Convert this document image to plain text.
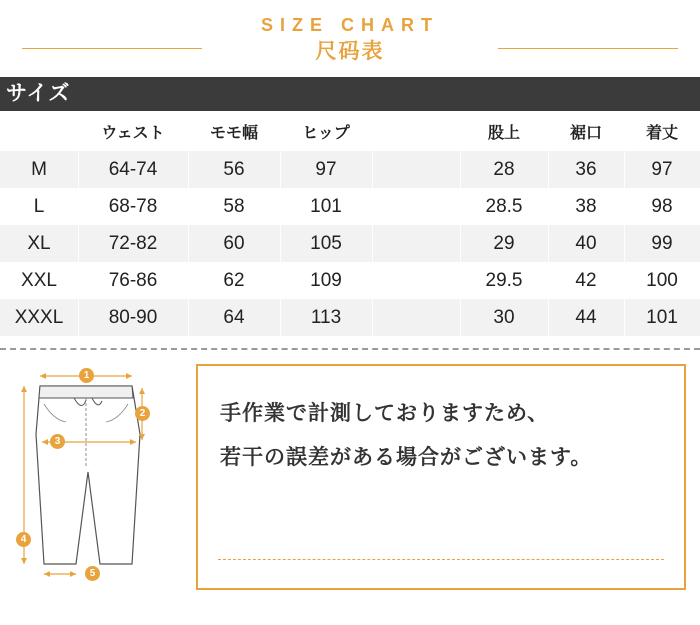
SIZE CHART
尺码表
サイズ
	ウェスト	モモ幅	ヒップ		股上	裾口	着丈
M	64-74	56	97		28	36	97
L	68-78	58	101		28.5	38	98
XL	72-82	60	105		29	40	99
XXL	76-86	62	109		29.5	42	100
XXXL	80-90	64	113		30	44	101
1
2
3
4
5
手作業で計測しておりますため、
若干の誤差がある場合がございます。
